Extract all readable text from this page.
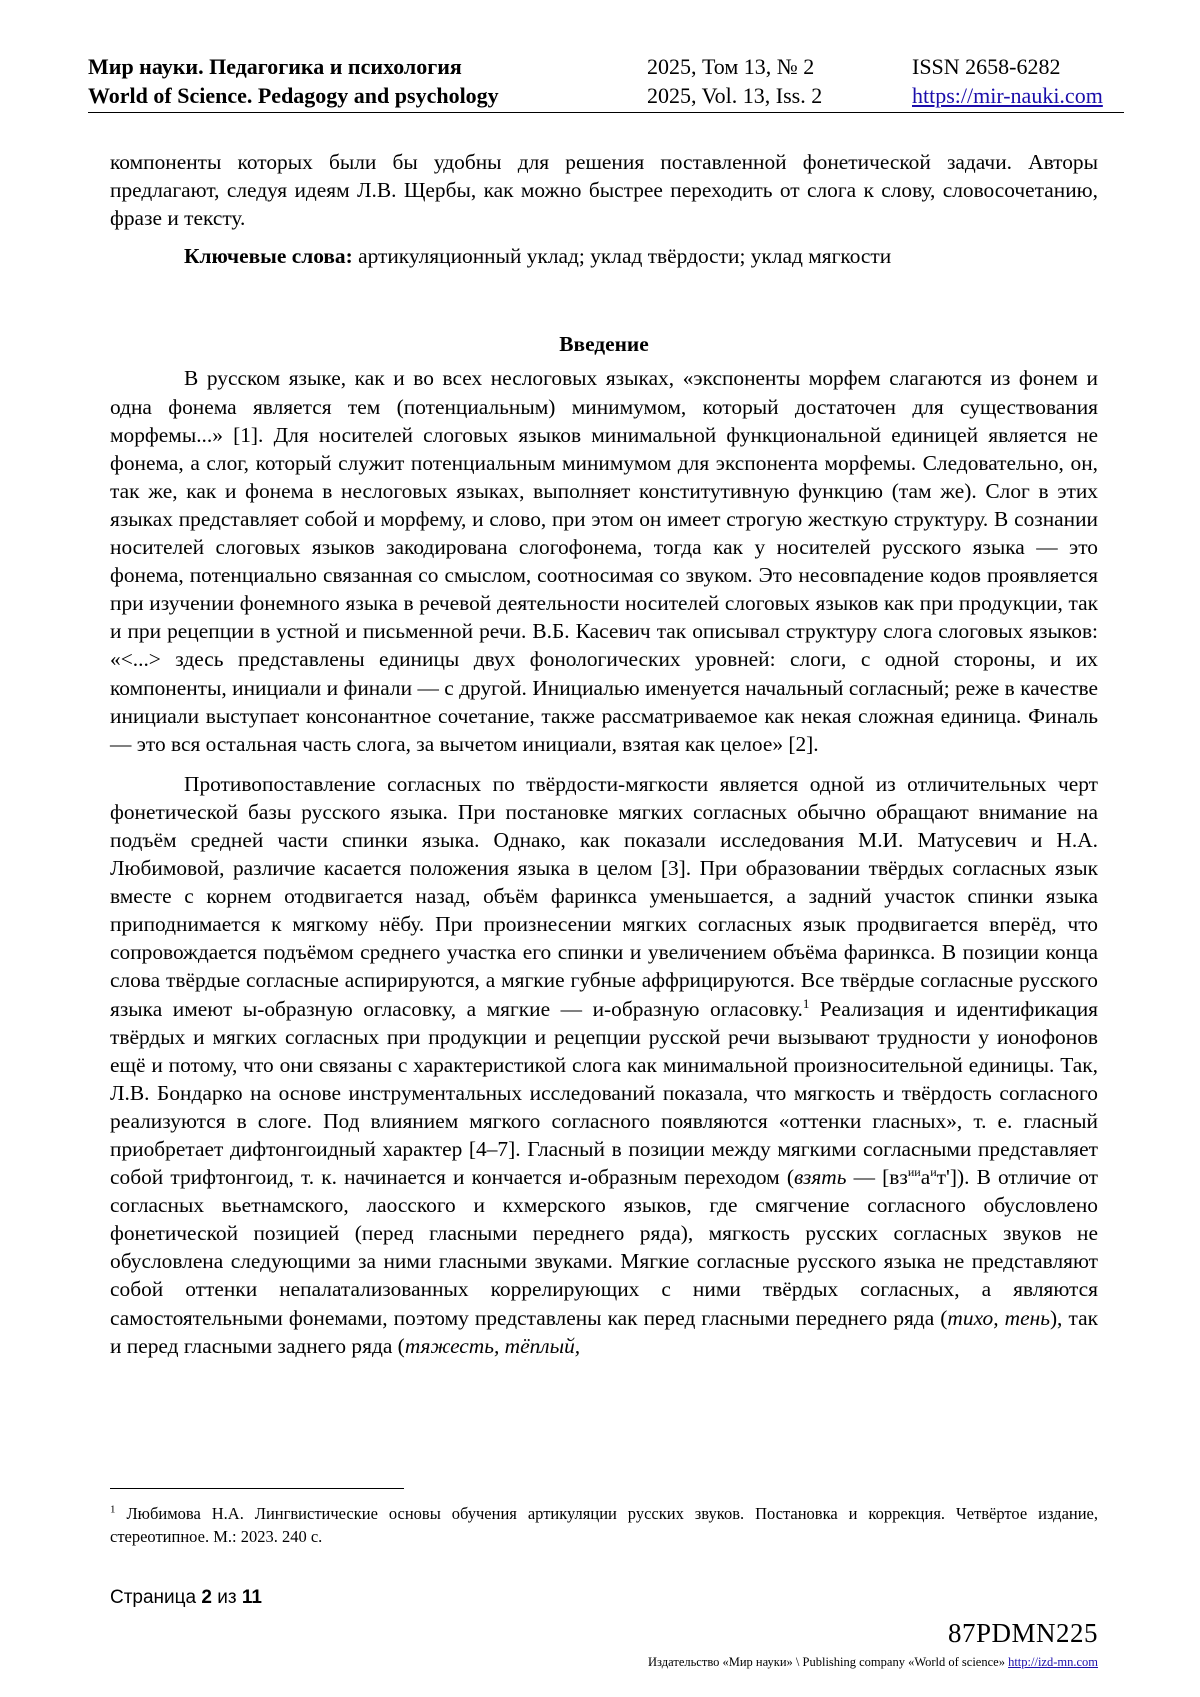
Мир науки. Педагогика и психология
World of Science. Pedagogy and psychology
2025, Том 13, № 2
2025, Vol. 13, Iss. 2
ISSN 2658-6282
https://mir-nauki.com

компоненты которых были бы удобны для решения поставленной фонетической задачи. Авторы предлагают, следуя идеям Л.В. Щербы, как можно быстрее переходить от слога к слову, словосочетанию, фразе и тексту.

Ключевые слова: артикуляционный уклад; уклад твёрдости; уклад мягкости

Введение

В русском языке, как и во всех неслоговых языках, «экспоненты морфем слагаются из фонем и одна фонема является тем (потенциальным) минимумом, который достаточен для существования морфемы...» [1]. Для носителей слоговых языков минимальной функциональной единицей является не фонема, а слог, который служит потенциальным минимумом для экспонента морфемы. Следовательно, он, так же, как и фонема в неслоговых языках, выполняет конститутивную функцию (там же). Слог в этих языках представляет собой и морфему, и слово, при этом он имеет строгую жесткую структуру. В сознании носителей слоговых языков закодирована слогофонема, тогда как у носителей русского языка — это фонема, потенциально связанная со смыслом, соотносимая со звуком. Это несовпадение кодов проявляется при изучении фонемного языка в речевой деятельности носителей слоговых языков как при продукции, так и при рецепции в устной и письменной речи. В.Б. Касевич так описывал структуру слога слоговых языков: «<...> здесь представлены единицы двух фонологических уровней: слоги, с одной стороны, и их компоненты, инициали и финали — с другой. Инициалью именуется начальный согласный; реже в качестве инициали выступает консонантное сочетание, также рассматриваемое как некая сложная единица. Финаль — это вся остальная часть слога, за вычетом инициали, взятая как целое» [2].

Противопоставление согласных по твёрдости-мягкости является одной из отличительных черт фонетической базы русского языка. При постановке мягких согласных обычно обращают внимание на подъём средней части спинки языка. Однако, как показали исследования М.И. Матусевич и Н.А. Любимовой, различие касается положения языка в целом [3]. При образовании твёрдых согласных язык вместе с корнем отодвигается назад, объём фаринкса уменьшается, а задний участок спинки языка приподнимается к мягкому нёбу. При произнесении мягких согласных язык продвигается вперёд, что сопровождается подъёмом среднего участка его спинки и увеличением объёма фаринкса. В позиции конца слова твёрдые согласные аспирируются, а мягкие губные аффрицируются. Все твёрдые согласные русского языка имеют ы-образную огласовку, а мягкие — и-образную огласовку.$^1$ Реализация и идентификация твёрдых и мягких согласных при продукции и рецепции русской речи вызывают трудности у ионофонов ещё и потому, что они связаны с характеристикой слога как минимальной произносительной единицы. Так, Л.В. Бондарко на основе инструментальных исследований показала, что мягкость и твёрдость согласного реализуются в слоге. Под влиянием мягкого согласного появляются «оттенки гласных», т. е. гласный приобретает дифтонгоидный характер [4–7]. Гласный в позиции между мягкими согласными представляет собой трифтонгоид, т. к. начинается и кончается и-образным переходом (взять — $[вз^{ии}а^ит']$). В отличие от согласных вьетнамского, лаосского и кхмерского языков, где смягчение согласного обусловлено фонетической позицией (перед гласными переднего ряда), мягкость русских согласных звуков не обусловлена следующими за ними гласными звуками. Мягкие согласные русского языка не представляют собой оттенки непалатализованных коррелирующих с ними твёрдых согласных, а являются самостоятельными фонемами, поэтому представлены как перед гласными переднего ряда (тихо, тень), так и перед гласными заднего ряда (тяжесть, тёплый,

$^1$ Любимова Н.А. Лингвистические основы обучения артикуляции русских звуков. Постановка и коррекция. Четвёртое издание, стереотипное. М.: 2023. 240 с.
Страница 2 из 11
87PDMN225
Издательство «Мир науки» \ Publishing company «World of science» http://izd-mn.com
